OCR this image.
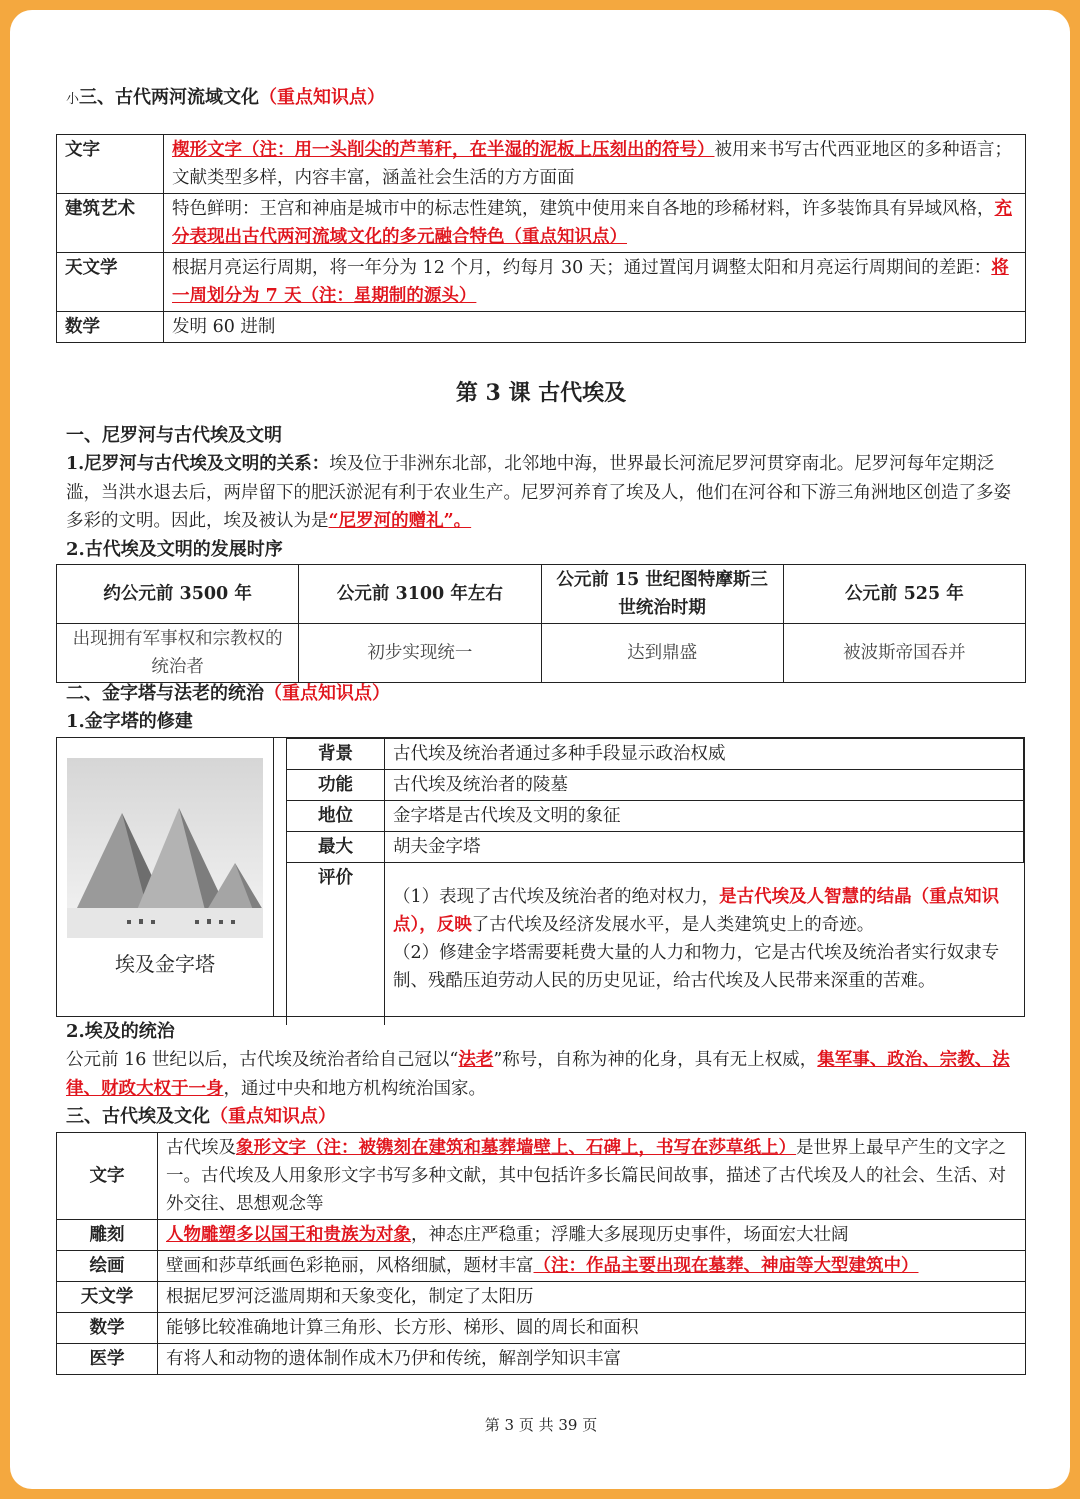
小三、古代两河流域文化（重点知识点）
文字	楔形文字（注：用一头削尖的芦苇秆，在半湿的泥板上压刻出的符号）被用来书写古代西亚地区的多种语言；文献类型多样，内容丰富，涵盖社会生活的方方面面
建筑艺术	特色鲜明：王宫和神庙是城市中的标志性建筑，建筑中使用来自各地的珍稀材料，许多装饰具有异域风格，充分表现出古代两河流域文化的多元融合特色（重点知识点）
天文学	根据月亮运行周期，将一年分为 12 个月，约每月 30 天；通过置闰月调整太阳和月亮运行周期间的差距：将一周划分为 7 天（注：星期制的源头）
数学	发明 60 进制
第 3 课 古代埃及
一、尼罗河与古代埃及文明
1.尼罗河与古代埃及文明的关系：埃及位于非洲东北部，北邻地中海，世界最长河流尼罗河贯穿南北。尼罗河每年定期泛滥，当洪水退去后，两岸留下的肥沃淤泥有利于农业生产。尼罗河养育了埃及人，他们在河谷和下游三角洲地区创造了多姿多彩的文明。因此，埃及被认为是“尼罗河的赠礼”。
2.古代埃及文明的发展时序
约公元前 3500 年	公元前 3100 年左右	公元前 15 世纪图特摩斯三世统治时期	公元前 525 年
出现拥有军事权和宗教权的统治者	初步实现统一	达到鼎盛	被波斯帝国吞并
二、金字塔与法老的统治（重点知识点）
1.金字塔的修建
埃及金字塔
背景	古代埃及统治者通过多种手段显示政治权威
功能	古代埃及统治者的陵墓
地位	金字塔是古代埃及文明的象征
最大	胡夫金字塔
评价	（1）表现了古代埃及统治者的绝对权力，是古代埃及人智慧的结晶（重点知识点），反映了古代埃及经济发展水平，是人类建筑史上的奇迹。
（2）修建金字塔需要耗费大量的人力和物力，它是古代埃及统治者实行奴隶专制、残酷压迫劳动人民的历史见证，给古代埃及人民带来深重的苦难。
2.埃及的统治
公元前 16 世纪以后，古代埃及统治者给自己冠以“法老”称号，自称为神的化身，具有无上权威，集军事、政治、宗教、法律、财政大权于一身，通过中央和地方机构统治国家。
三、古代埃及文化（重点知识点）
文字	古代埃及象形文字（注：被镌刻在建筑和墓葬墙壁上、石碑上，书写在莎草纸上）是世界上最早产生的文字之一。古代埃及人用象形文字书写多种文献，其中包括许多长篇民间故事，描述了古代埃及人的社会、生活、对外交往、思想观念等
雕刻	人物雕塑多以国王和贵族为对象，神态庄严稳重；浮雕大多展现历史事件，场面宏大壮阔
绘画	壁画和莎草纸画色彩艳丽，风格细腻，题材丰富（注：作品主要出现在墓葬、神庙等大型建筑中）
天文学	根据尼罗河泛滥周期和天象变化，制定了太阳历
数学	能够比较准确地计算三角形、长方形、梯形、圆的周长和面积
医学	有将人和动物的遗体制作成木乃伊和传统，解剖学知识丰富
第 3 页 共 39 页
